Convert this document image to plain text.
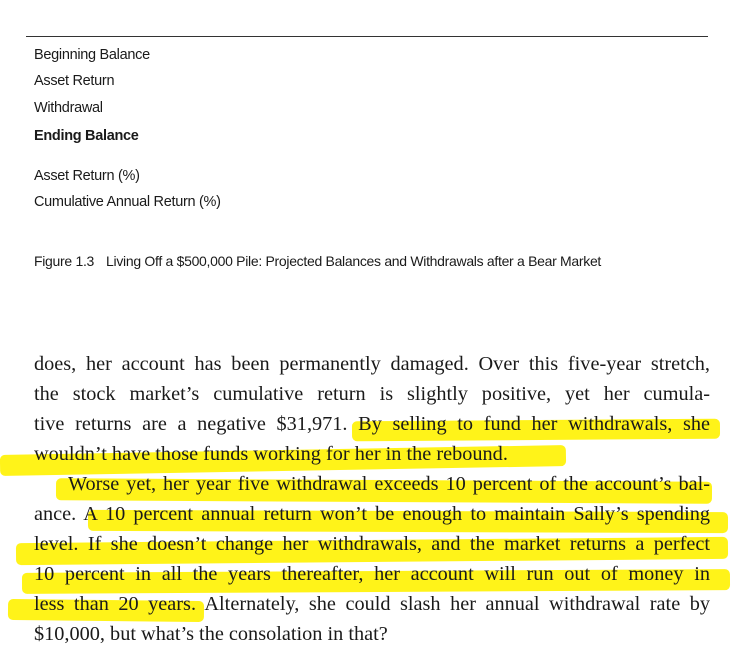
Beginning Balance
Asset Return
Withdrawal
Ending Balance
Asset Return (%)
Cumulative Annual Return (%)
Figure 1.3 Living Off a $500,000 Pile: Projected Balances and Withdrawals after a Bear Market
does, her account has been permanently damaged. Over this five-year stretch,
the stock market’s cumulative return is slightly positive, yet her cumula-
tive returns are a negative $31,971. By selling to fund her withdrawals, she
wouldn’t have those funds working for her in the rebound.
Worse yet, her year five withdrawal exceeds 10 percent of the account’s bal-
ance. A 10 percent annual return won’t be enough to maintain Sally’s spending
level. If she doesn’t change her withdrawals, and the market returns a perfect
10 percent in all the years thereafter, her account will run out of money in
less than 20 years. Alternately, she could slash her annual withdrawal rate by
$10,000, but what’s the consolation in that?
